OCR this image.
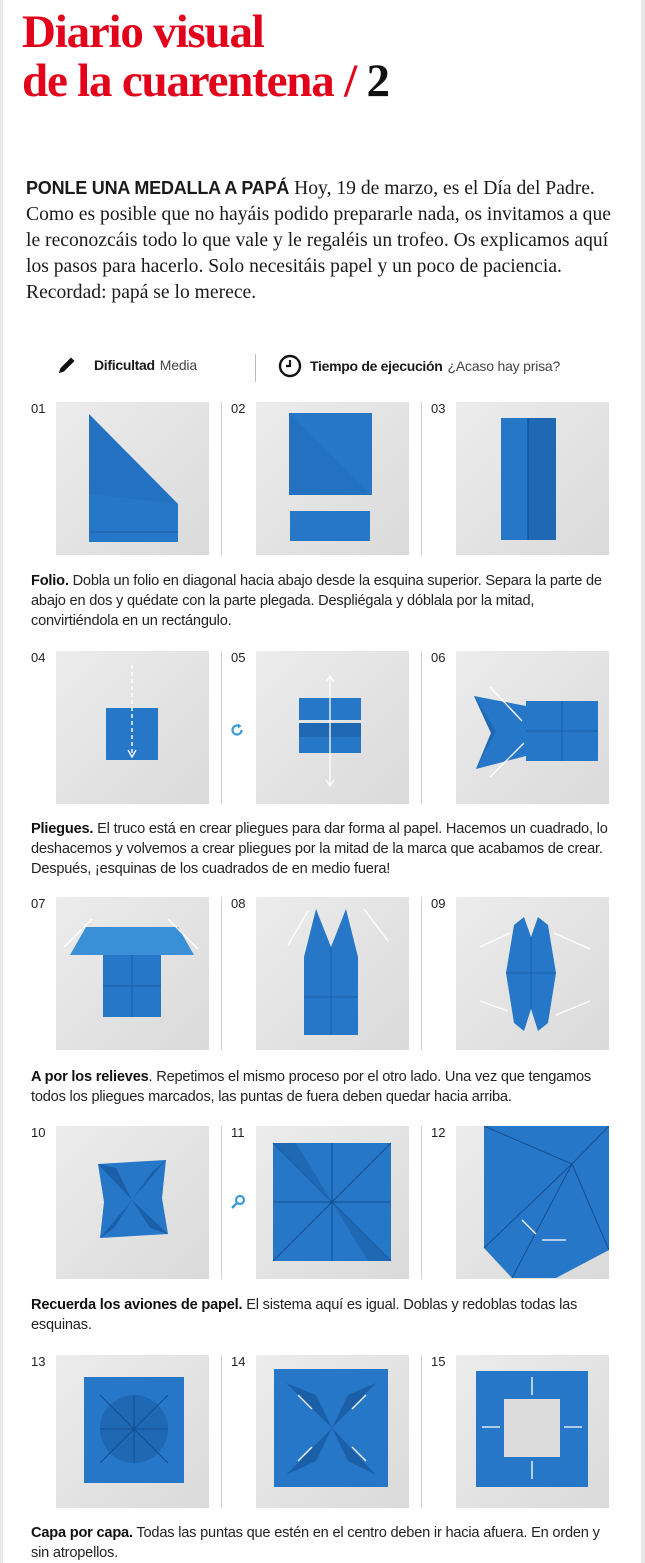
Diario visual
de la cuarentena / 2

PONLE UNA MEDALLA A PAPÁ Hoy, 19 de marzo, es el Día del Padre. Como es posible que no hayáis podido prepararle nada, os invitamos a que le reconozcáis todo lo que vale y le regaléis un trofeo. Os explicamos aquí los pasos para hacerlo. Solo necesitáis papel y un poco de paciencia. Recordad: papá se lo merece.

Dificultad Media	Tiempo de ejecución ¿Acaso hay prisa?
01	02	03

Folio. Dobla un folio en diagonal hacia abajo desde la esquina superior. Separa la parte de abajo en dos y quédate con la parte plegada. Despliégala y dóblala por la mitad, convirtiéndola en un rectángulo.

04	05	06

Pliegues. El truco está en crear pliegues para dar forma al papel. Hacemos un cuadrado, lo deshacemos y volvemos a crear pliegues por la mitad de la marca que acabamos de crear. Después, ¡esquinas de los cuadrados de en medio fuera!

07	08	09

A por los relieves. Repetimos el mismo proceso por el otro lado. Una vez que tengamos todos los pliegues marcados, las puntas de fuera deben quedar hacia arriba.

10	11	12

Recuerda los aviones de papel. El sistema aquí es igual. Doblas y redoblas todas las esquinas.

13	14	15

Capa por capa. Todas las puntas que estén en el centro deben ir hacia afuera. En orden y sin atropellos.
